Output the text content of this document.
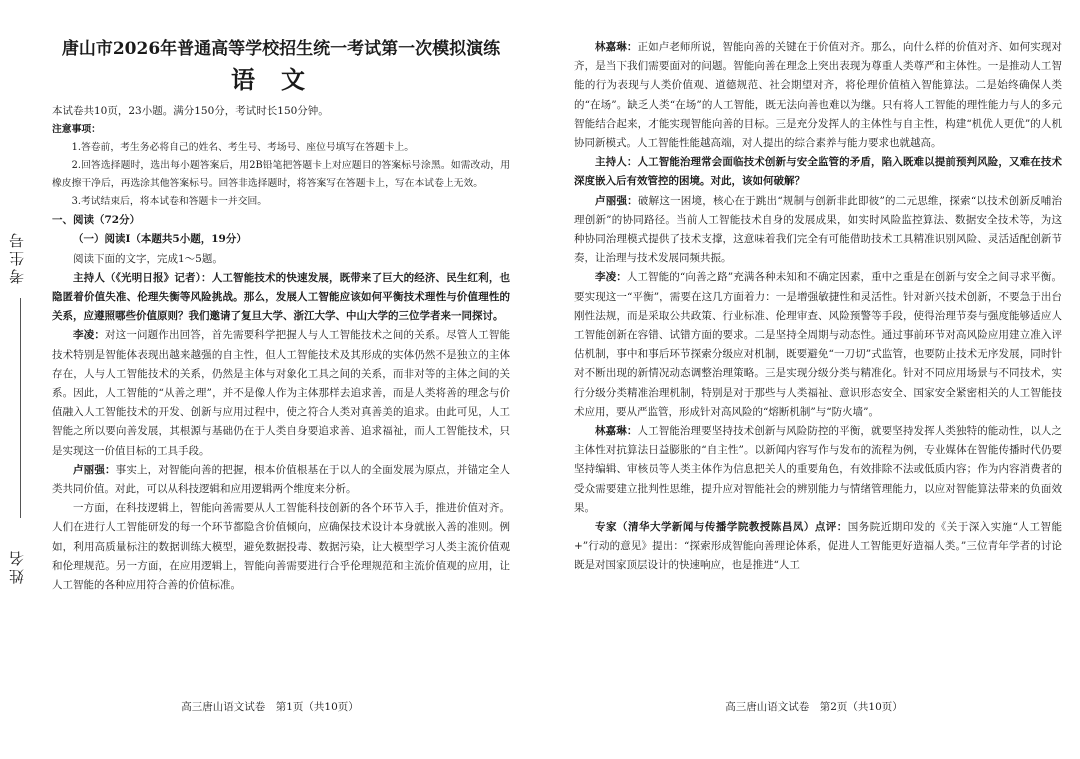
考生号
姓名
唐山市2026年普通高等学校招生统一考试第一次模拟演练
语文

本试卷共10页，23小题。满分150分，考试时长150分钟。

注意事项：

1.答卷前，考生务必将自己的姓名、考生号、考场号、座位号填写在答题卡上。

2.回答选择题时，选出每小题答案后，用2B铅笔把答题卡上对应题目的答案标号涂黑。如需改动，用橡皮擦干净后，再选涂其他答案标号。回答非选择题时，将答案写在答题卡上，写在本试卷上无效。

3.考试结束后，将本试卷和答题卡一并交回。

一、阅读（72分）

（一）阅读Ⅰ（本题共5小题，19分）

阅读下面的文字，完成1～5题。

主持人（《光明日报》记者）：人工智能技术的快速发展，既带来了巨大的经济、民生红利，也隐匿着价值失准、伦理失衡等风险挑战。那么，发展人工智能应该如何平衡技术理性与价值理性的关系，应遵照哪些价值原则？我们邀请了复旦大学、浙江大学、中山大学的三位学者来一同探讨。

李凌：对这一问题作出回答，首先需要科学把握人与人工智能技术之间的关系。尽管人工智能技术特别是智能体表现出越来越强的自主性，但人工智能技术及其形成的实体仍然不是独立的主体存在，人与人工智能技术的关系，仍然是主体与对象化工具之间的关系，而非对等的主体之间的关系。因此，人工智能的“从善之理”，并不是像人作为主体那样去追求善，而是人类将善的理念与价值融入人工智能技术的开发、创新与应用过程中，使之符合人类对真善美的追求。由此可见，人工智能之所以要向善发展，其根源与基础仍在于人类自身要追求善、追求福祉，而人工智能技术，只是实现这一价值目标的工具手段。

卢丽强：事实上，对智能向善的把握，根本价值根基在于以人的全面发展为原点，并锚定全人类共同价值。对此，可以从科技逻辑和应用逻辑两个维度来分析。

一方面，在科技逻辑上，智能向善需要从人工智能科技创新的各个环节入手，推进价值对齐。人们在进行人工智能研发的每一个环节都隐含价值倾向，应确保技术设计本身就嵌入善的准则。例如，利用高质量标注的数据训练大模型，避免数据投毒、数据污染，让大模型学习人类主流价值观和伦理规范。另一方面，在应用逻辑上，智能向善需要进行合乎伦理规范和主流价值观的应用，让人工智能的各种应用符合善的价值标准。

高三唐山语文试卷　第1页（共10页）

林嘉琳：正如卢老师所说，智能向善的关键在于价值对齐。那么，向什么样的价值对齐、如何实现对齐，是当下我们需要面对的问题。智能向善在理念上突出表现为尊重人类尊严和主体性。一是推动人工智能的行为表现与人类价值观、道德规范、社会期望对齐，将伦理价值植入智能算法。二是始终确保人类的“在场”。缺乏人类“在场”的人工智能，既无法向善也难以为继。只有将人工智能的理性能力与人的多元智能结合起来，才能实现智能向善的目标。三是充分发挥人的主体性与自主性，构建“机优人更优”的人机协同新模式。人工智能性能越高端，对人提出的综合素养与能力要求也就越高。

主持人：人工智能治理常会面临技术创新与安全监管的矛盾，陷入既难以提前预判风险，又难在技术深度嵌入后有效管控的困境。对此，该如何破解？

卢丽强：破解这一困境，核心在于跳出“规制与创新非此即彼”的二元思维，探索“以技术创新反哺治理创新”的协同路径。当前人工智能技术自身的发展成果，如实时风险监控算法、数据安全技术等，为这种协同治理模式提供了技术支撑，这意味着我们完全有可能借助技术工具精准识别风险、灵活适配创新节奏，让治理与技术发展同频共振。

李凌：人工智能的“向善之路”充满各种未知和不确定因素，重中之重是在创新与安全之间寻求平衡。要实现这一“平衡”，需要在这几方面着力：一是增强敏捷性和灵活性。针对新兴技术创新，不要急于出台刚性法规，而是采取公共政策、行业标准、伦理审查、风险预警等手段，使得治理节奏与强度能够适应人工智能创新在容错、试错方面的要求。二是坚持全周期与动态性。通过事前环节对高风险应用建立准入评估机制，事中和事后环节探索分级应对机制，既要避免“一刀切”式监管，也要防止技术无序发展，同时针对不断出现的新情况动态调整治理策略。三是实现分级分类与精准化。针对不同应用场景与不同技术，实行分级分类精准治理机制，特别是对于那些与人类福祉、意识形态安全、国家安全紧密相关的人工智能技术应用，要从严监管，形成针对高风险的“熔断机制”与“防火墙”。

林嘉琳：人工智能治理要坚持技术创新与风险防控的平衡，就要坚持发挥人类独特的能动性，以人之主体性对抗算法日益膨胀的“自主性”。以新闻内容写作与发布的流程为例，专业媒体在智能传播时代仍要坚持编辑、审核员等人类主体作为信息把关人的重要角色，有效排除不法或低质内容；作为内容消费者的受众需要建立批判性思维，提升应对智能社会的辨别能力与情绪管理能力，以应对智能算法带来的负面效果。

专家（清华大学新闻与传播学院教授陈昌凤）点评：国务院近期印发的《关于深入实施“人工智能+”行动的意见》提出：“探索形成智能向善理论体系，促进人工智能更好造福人类。”三位青年学者的讨论既是对国家顶层设计的快速响应，也是推进“人工

高三唐山语文试卷　第2页（共10页）
